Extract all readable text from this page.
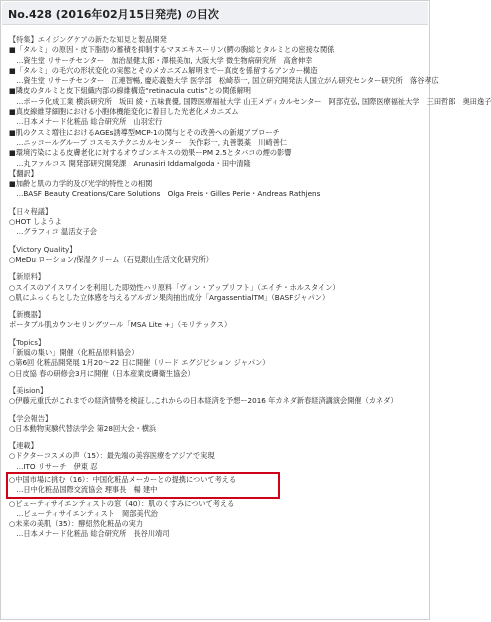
No.428 (2016年02月15日発売) の目次
【特集】エイジングケアの新たな知見と製品開発
■「タルミ」の原因・皮下脂肪の蓄積を抑制するマヌエキスーリン(鰐の胸総とタルミとの密接な関係
　…資生堂 リサーチセンター　加治屋健太郎・澤根美加, 大阪大学 微生物病研究所　高倉伸幸
■「タルミ」の毛穴の形状変化の実態とそのメカニズム解明までー真皮を係留するアンカー構造
　…資生堂 リサーチセンター　江連智暢, 慶応義塾大学 医学部　松崎恭一, 国立研究開発法人国立がん研究センター研究所　落谷孝広
■隣皮のタルミと皮下組織内部の線維構造“retinacula cutis”との関係解明
　…ポーラ化成工業 横浜研究所　坂田 綾・五味貴優, 国際医療福祉大学 山王メディカルセンター　阿部克弘, 国際医療福祉大学　三田哲郎　奥田逸子
■真皮線維芽細胞における小胞体機能変化に着目した光老化メカニズム
　…日本メナード化粧品 総合研究所　山羽宏行
■肌のクスミ増往におけるAGEs誘導型MCP-1の関与とその改善への新規アプローチ
　…ニッコールグループ コスモステクニカルセンター　矢作彩一, 丸善製薬　川崎善仁
■環境汚染による皮膚老化に対するオウゴンエキスの効果ーPM 2.5とタバコの煙の影響
　…丸ファルコス 開発部研究開発課　Arunasiri Iddamalgoda・田中清隆
【翻訳】
■加齢と肌の力学的及び光学的特性との相関
　…BASF Beauty Creations/Care Solutions　Olga Freis・Gilles Perie・Andreas Rathjens
【日々程議】
○HOT しようよ
　…グラフィコ 温活女子会
【Victory Quality】
○MeDu ローション/保湿クリーム（石見銀山生活文化研究所）
【新原料】
○スイスのアイスワインを利用した即効性ハリ原料「ヴィン・アップリフト」（エイチ・ホルスタイン）
○肌にふっくらとした立体感を与えるアルガン果肉抽出成分「ArgassentialTM」（BASFジャパン）
【新機器】
ポータブル肌カウンセリングツール「MSA Lite +」（モリテックス）
【Topics】
「新風の集い」開催（化粧品原料協会）
○第6回 化粧品開発展 1月20～22 日に開催（リード エグジビション ジャパン）
○日皮協 春の研修会3月に開催（日本産業皮膚衛生協会）
【美ision】
○伊藤元重氏がこれまでの経済情勢を検証し,これからの日本経済を予想ー2016 年カネダ新春経済講演会開催（カネダ）
【学会報告】
○日本動物実験代替法学会 第28回大会・横浜
【連載】
○ドクターコスメの声（15）：最先端の美容医療をアジアで実現
　…ITO リサーチ　伊東 忍
○中国市場に挑む（16）：中国化粧品メーカーとの提携について考える
　…日中化粧品国際交流協会 理事長　楊 建中
○ビューティサイエンティストの窓（40）：肌のくすみについて考える
　…ビューティサイエンティスト　岡部美代治
○未来の美肌（35）：酵紹然化粧品の実力
　…日本メナード化粧品 総合研究所　長谷川靖司
